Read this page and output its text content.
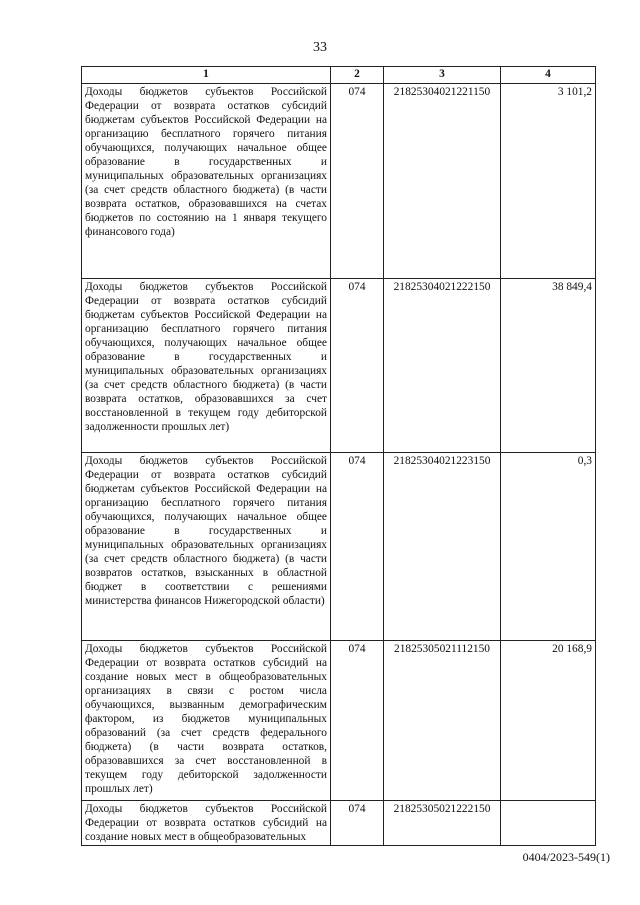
33
1	2	3	4
Доходы бюджетов субъектов Российской Федерации от возврата остатков субсидий бюджетам субъектов Российской Федерации на организацию бесплатного горячего питания обучающихся, получающих начальное общее образование в государственных и муниципальных образовательных организациях (за счет средств областного бюджета) (в части возврата остатков, образовавшихся на счетах бюджетов по состоянию на 1 января текущего финансового года)	074	21825304021221150	3 101,2
Доходы бюджетов субъектов Российской Федерации от возврата остатков субсидий бюджетам субъектов Российской Федерации на организацию бесплатного горячего питания обучающихся, получающих начальное общее образование в государственных и муниципальных образовательных организациях (за счет средств областного бюджета) (в части возврата остатков, образовавшихся за счет восстановленной в текущем году дебиторской задолженности прошлых лет)	074	21825304021222150	38 849,4
Доходы бюджетов субъектов Российской Федерации от возврата остатков субсидий бюджетам субъектов Российской Федерации на организацию бесплатного горячего питания обучающихся, получающих начальное общее образование в государственных и муниципальных образовательных организациях (за счет средств областного бюджета) (в части возвратов остатков, взысканных в областной бюджет в соответствии с решениями министерства финансов Нижегородской области)	074	21825304021223150	0,3
Доходы бюджетов субъектов Российской Федерации от возврата остатков субсидий на создание новых мест в общеобразовательных организациях в связи с ростом числа обучающихся, вызванным демографическим фактором, из бюджетов муниципальных образований (за счет средств федерального бюджета) (в части возврата остатков, образовавшихся за счет восстановленной в текущем году дебиторской задолженности прошлых лет)	074	21825305021112150	20 168,9
Доходы бюджетов субъектов Российской Федерации от возврата остатков субсидий на создание новых мест в общеобразовательных	074	21825305021222150	
0404/2023-549(1)
